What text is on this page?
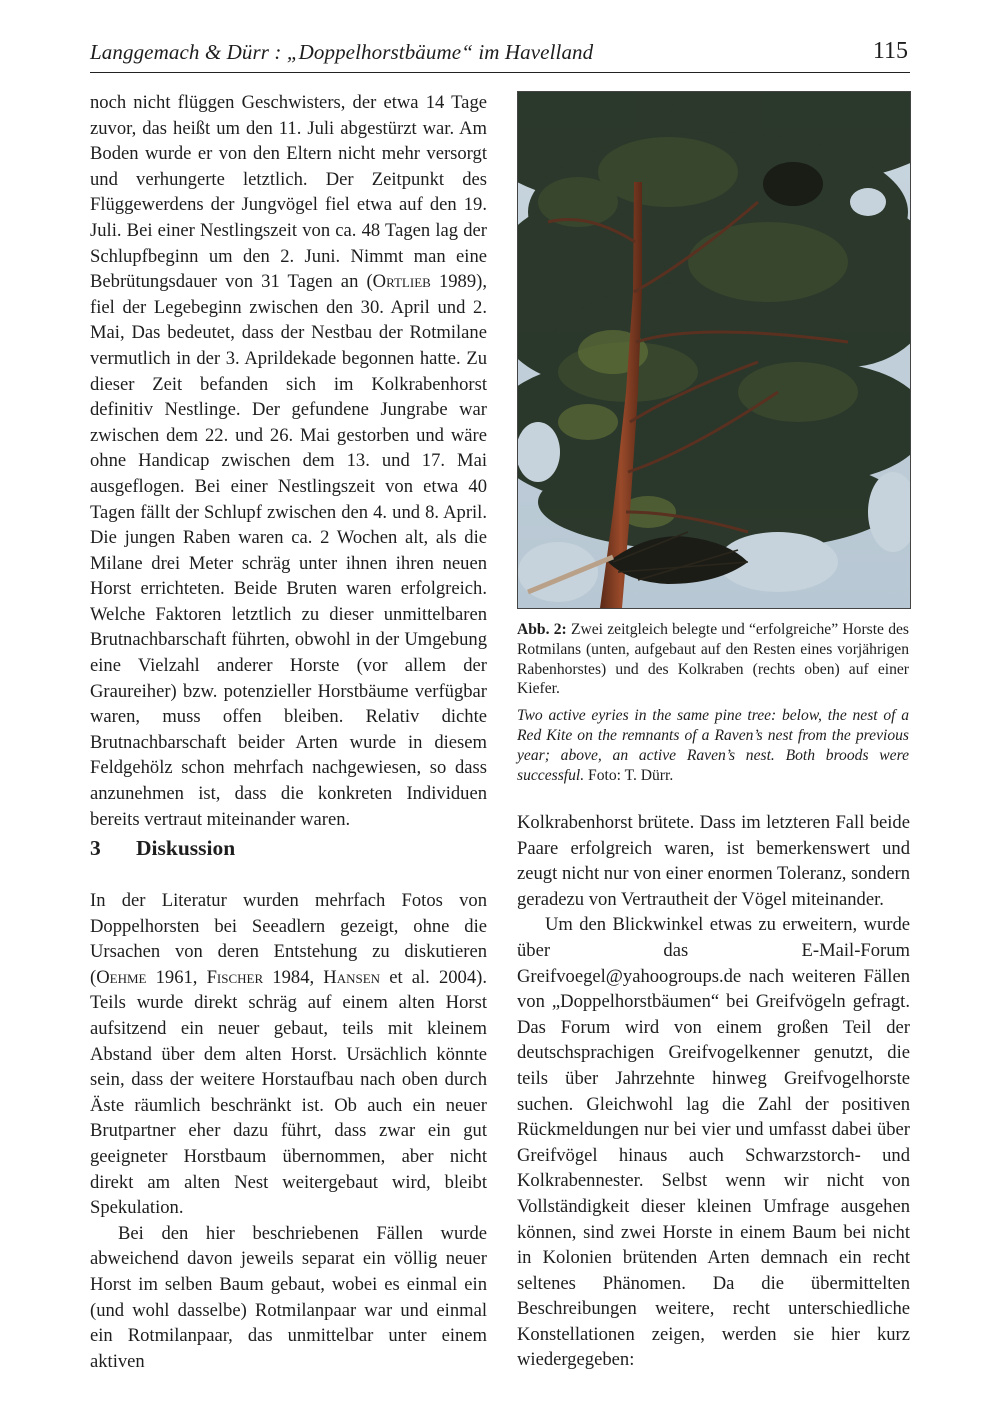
Langgemach & Dürr : „Doppelhorstbäume“ im Havelland	115

noch nicht flüggen Geschwisters, der etwa 14 Tage zuvor, das heißt um den 11. Juli abgestürzt war. Am Boden wurde er von den Eltern nicht mehr versorgt und verhungerte letztlich. Der Zeitpunkt des Flüggewerdens der Jungvögel fiel etwa auf den 19. Juli. Bei einer Nestlingszeit von ca. 48 Tagen lag der Schlupfbeginn um den 2. Juni. Nimmt man eine Bebrütungsdauer von 31 Tagen an (Ortlieb 1989), fiel der Legebeginn zwischen den 30. April und 2. Mai, Das bedeutet, dass der Nestbau der Rotmilane vermutlich in der 3. Aprildekade begonnen hatte. Zu dieser Zeit befanden sich im Kolkrabenhorst definitiv Nestlinge. Der gefundene Jungrabe war zwischen dem 22. und 26. Mai gestorben und wäre ohne Handicap zwischen dem 13. und 17. Mai ausgeflogen. Bei einer Nestlingszeit von etwa 40 Tagen fällt der Schlupf zwischen den 4. und 8. April. Die jungen Raben waren ca. 2 Wochen alt, als die Milane drei Meter schräg unter ihnen ihren neuen Horst errichteten. Beide Bruten waren erfolgreich. Welche Faktoren letztlich zu dieser unmittelbaren Brutnachbarschaft führten, obwohl in der Umgebung eine Vielzahl anderer Horste (vor allem der Graureiher) bzw. potenzieller Horstbäume verfügbar waren, muss offen bleiben. Relativ dichte Brutnachbarschaft beider Arten wurde in diesem Feldgehölz schon mehrfach nachgewiesen, so dass anzunehmen ist, dass die konkreten Individuen bereits vertraut miteinander waren.

3 Diskussion

In der Literatur wurden mehrfach Fotos von Doppelhorsten bei Seeadlern gezeigt, ohne die Ursachen von deren Entstehung zu diskutieren (Oehme 1961, Fischer 1984, Hansen et al. 2004). Teils wurde direkt schräg auf einem alten Horst aufsitzend ein neuer gebaut, teils mit kleinem Abstand über dem alten Horst. Ursächlich könnte sein, dass der weitere Horstaufbau nach oben durch Äste räumlich beschränkt ist. Ob auch ein neuer Brutpartner eher dazu führt, dass zwar ein gut geeigneter Horstbaum übernommen, aber nicht direkt am alten Nest weitergebaut wird, bleibt Spekulation.

Bei den hier beschriebenen Fällen wurde abweichend davon jeweils separat ein völlig neuer Horst im selben Baum gebaut, wobei es einmal ein (und wohl dasselbe) Rotmilanpaar war und einmal ein Rotmilanpaar, das unmittelbar unter einem aktiven

Abb. 2: Zwei zeitgleich belegte und “erfolgreiche” Horste des Rotmilans (unten, aufgebaut auf den Resten eines vorjährigen Rabenhorstes) und des Kolkraben (rechts oben) auf einer Kiefer.

Two active eyries in the same pine tree: below, the nest of a Red Kite on the remnants of a Raven’s nest from the previous year; above, an active Raven’s nest. Both broods were successful. Foto: T. Dürr.

Kolkrabenhorst brütete. Dass im letzteren Fall beide Paare erfolgreich waren, ist bemerkenswert und zeugt nicht nur von einer enormen Toleranz, sondern geradezu von Vertrautheit der Vögel miteinander.

Um den Blickwinkel etwas zu erweitern, wurde über das E-Mail-Forum Greifvoegel@yahoogroups.de nach weiteren Fällen von „Doppelhorstbäumen“ bei Greifvögeln gefragt. Das Forum wird von einem großen Teil der deutschsprachigen Greifvogelkenner genutzt, die teils über Jahrzehnte hinweg Greifvogelhorste suchen. Gleichwohl lag die Zahl der positiven Rückmeldungen nur bei vier und umfasst dabei über Greifvögel hinaus auch Schwarzstorch- und Kolkrabennester. Selbst wenn wir nicht von Vollständigkeit dieser kleinen Umfrage ausgehen können, sind zwei Horste in einem Baum bei nicht in Kolonien brütenden Arten demnach ein recht seltenes Phänomen. Da die übermittelten Beschreibungen weitere, recht unterschiedliche Konstellationen zeigen, werden sie hier kurz wiedergegeben:
